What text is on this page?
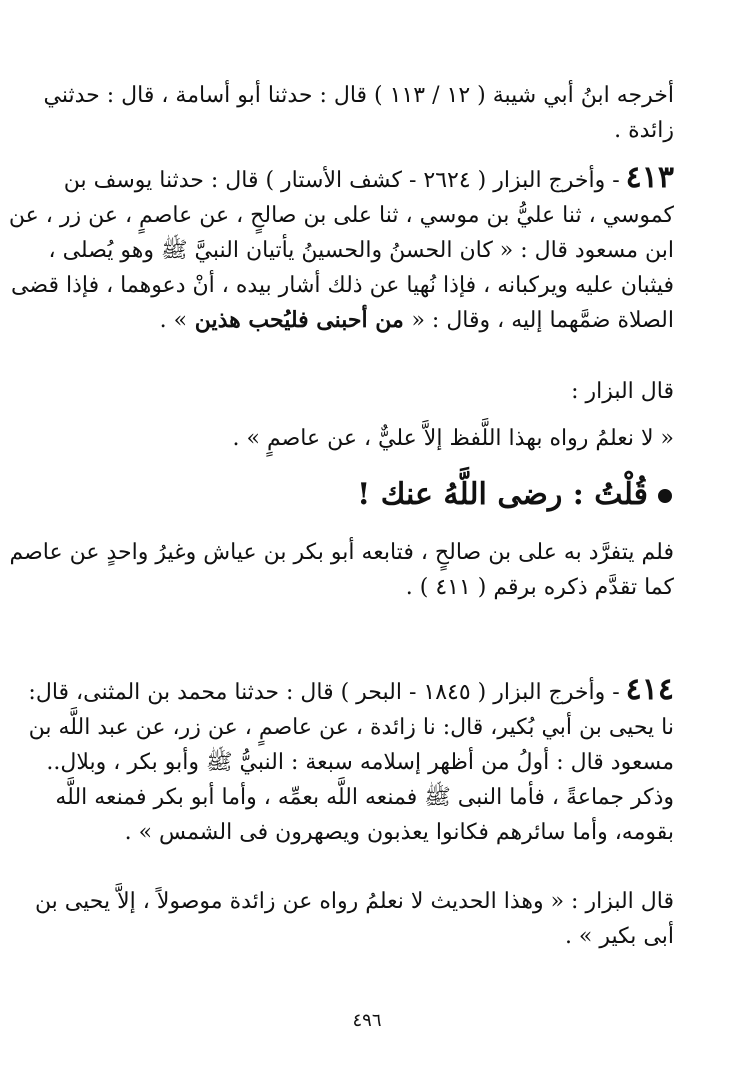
أخرجه ابنُ أبي شيبة ( ١٢ / ١١٣ ) قال : حدثنا أبو أسامة ، قال : حدثني
زائدة .
٤١٣- وأخرج البزار ( ٢٦٢٤ - كشف الأستار ) قال : حدثنا يوسف بن
كموسي ، ثنا عليُّ بن موسي ، ثنا على بن صالحٍ ، عن عاصمٍ ، عن زر ، عن
ابن مسعود قال : « كان الحسنُ والحسينُ يأتيان النبيَّ ﷺ وهو يُصلى ،
فيثبان عليه ويركبانه ، فإذا نُهيا عن ذلك أشار بيده ، أنْ دعوهما ، فإذا قضى
الصلاة ضمَّهما إليه ، وقال : « من أحبنى فليُحب هذين » .
قال البزار :
« لا نعلمُ رواه بهذا اللَّفظ إلاَّ عليٌّ ، عن عاصمٍ » .
قُلْتُ : رضى اللَّهُ عنك !
فلم يتفرَّد به على بن صالحٍ ، فتابعه أبو بكر بن عياش وغيرُ واحدٍ عن عاصم
كما تقدَّم ذكره برقم ( ٤١١ ) .
٤١٤- وأخرج البزار ( ١٨٤٥ - البحر ) قال : حدثنا محمد بن المثنى، قال:
نا يحيى بن أبي بُكير، قال: نا زائدة ، عن عاصمٍ ، عن زر، عن عبد اللَّه بن
مسعود قال : أولُ من أظهر إسلامه سبعة : النبيُّ ﷺ وأبو بكر ، وبلال..
وذكر جماعةً ، فأما النبى ﷺ فمنعه اللَّه بعمِّه ، وأما أبو بكر فمنعه اللَّه
بقومه، وأما سائرهم فكانوا يعذبون ويصهرون فى الشمس » .
قال البزار : « وهذا الحديث لا نعلمُ رواه عن زائدة موصولاً ، إلاَّ يحيى بن
أبى بكير » .
٤٩٦
